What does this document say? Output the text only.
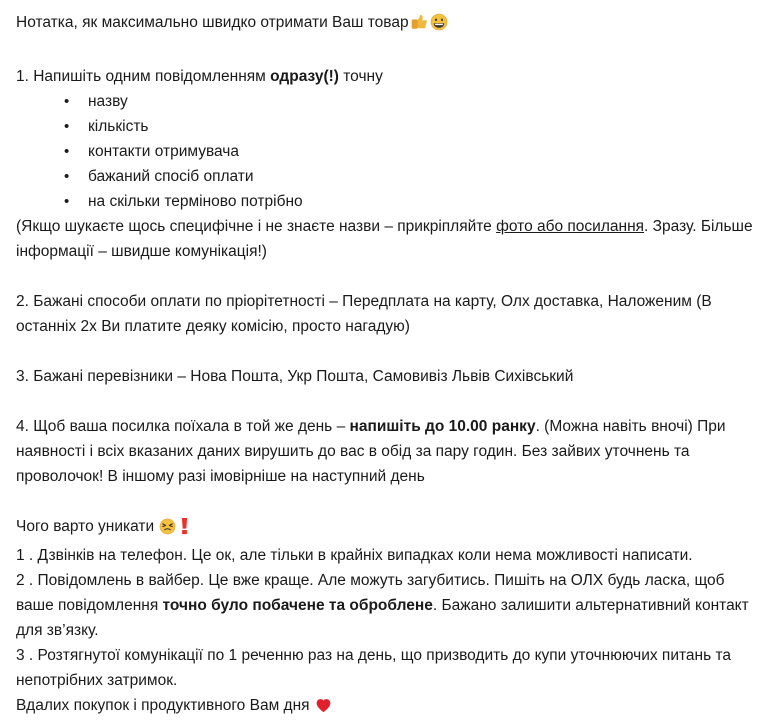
Нотатка, як максимально швидко отримати Ваш товар
1. Напишіть одним повідомленням одразу(!) точну
• назву
• кількість
• контакти отримувача
• бажаний спосіб оплати
• на скільки терміново потрібно
(Якщо шукаєте щось специфічне і не знаєте назви – прикріпляйте фото або посилання. Зразу. Більше інформації – швидше комунікація!)
2. Бажані способи оплати по пріорітетності – Передплата на карту, Олх доставка, Наложеним (В останніх 2х Ви платите деяку комісію, просто нагадую)
3. Бажані перевізники – Нова Пошта, Укр Пошта, Самовивіз Львів Сихівський
4. Щоб ваша посилка поїхала в той же день – напишіть до 10.00 ранку. (Можна навіть вночі) При наявності і всіх вказаних даних вирушить до вас в обід за пару годин. Без зайвих уточнень та проволочок! В іншому разі імовірніше на наступний день
Чого варто уникати
1 . Дзвінків на телефон. Це ок, але тільки в крайніх випадках коли нема можливості написати.
2 . Повідомлень в вайбер. Це вже краще. Але можуть загубитись. Пишіть на ОЛХ будь ласка, щоб ваше повідомлення точно було побачене та оброблене. Бажано залишити альтернативний контакт для зв’язку.
3 . Розтягнутої комунікації по 1 реченню раз на день, що призводить до купи уточнюючих питань та непотрібних затримок.
Вдалих покупок і продуктивного Вам дня
